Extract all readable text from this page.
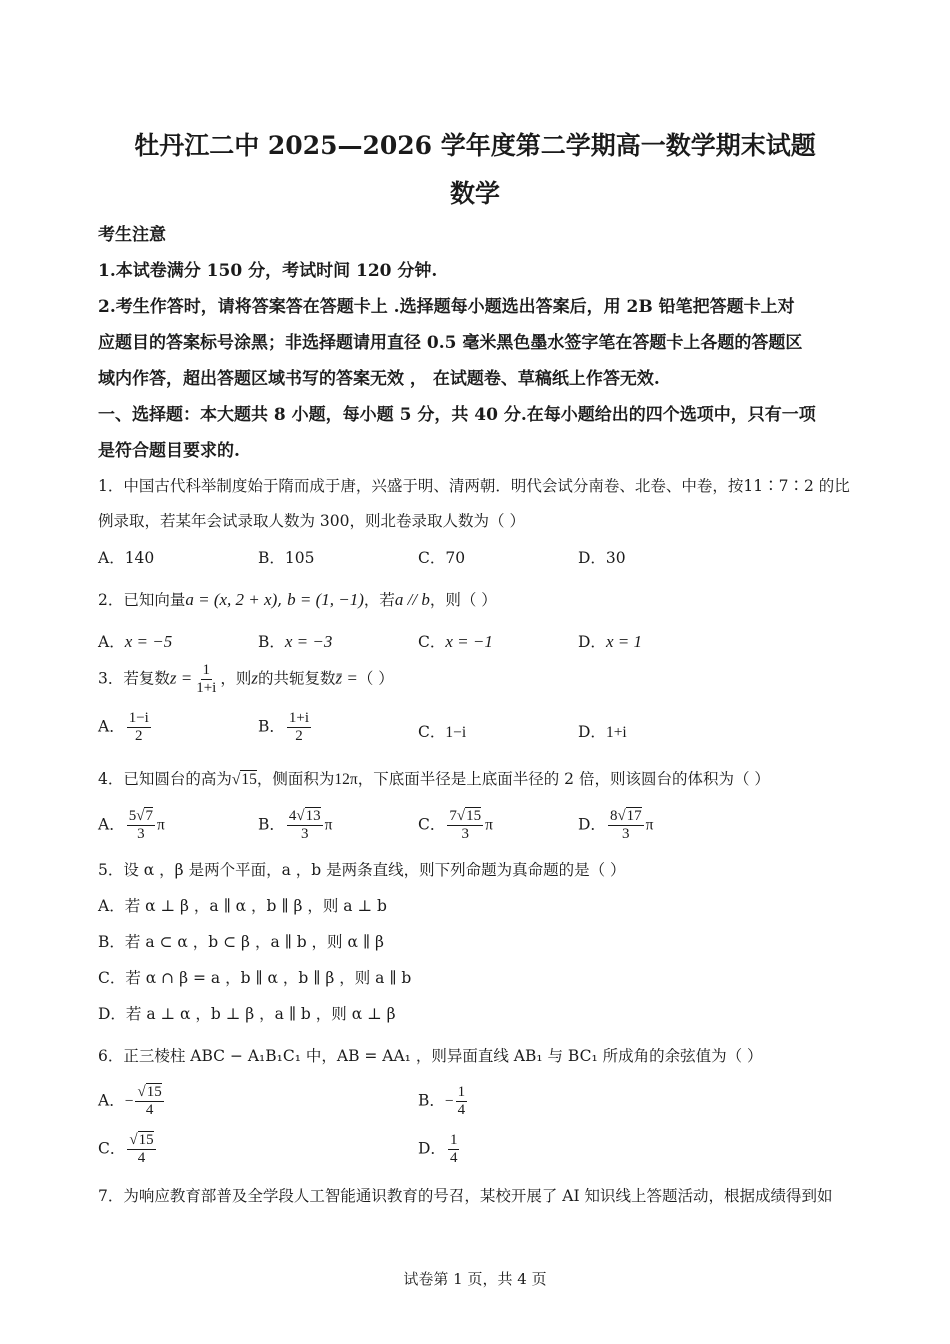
牡丹江二中 2025—2026 学年度第二学期高一数学期末试题
数学
考生注意
1.本试卷满分 150 分，考试时间 120 分钟.
2.考生作答时，请将答案答在答题卡上 .选择题每小题选出答案后，用 2B 铅笔把答题卡上对
应题目的答案标号涂黑；非选择题请用直径 0.5 毫米黑色墨水签字笔在答题卡上各题的答题区
域内作答，超出答题区域书写的答案无效 ， 在试题卷、草稿纸上作答无效.
一、选择题：本大题共 8 小题，每小题 5 分，共 40 分.在每小题给出的四个选项中，只有一项
是符合题目要求的.
1．中国古代科举制度始于隋而成于唐，兴盛于明、清两朝．明代会试分南卷、北卷、中卷，按11∶7∶2 的比
例录取，若某年会试录取人数为 300，则北卷录取人数为（ ）
A．140	B．105	C．70	D．30
2．已知向量a = (x, 2 + x), b = (1, −1)，若a // b，则（ ）
A．x = −5	B．x = −3	C．x = −1	D．x = 1
3．若复数$z = \frac{1}{1+i}$ ，则z的共轭复数z̄ =（ ）
A． $\frac{1-i}{2}$	B． $\frac{1+i}{2}$	C．1−i	D．1+i
4．已知圆台的高为√15，侧面积为12π，下底面半径是上底面半径的 2 倍，则该圆台的体积为（ ）
A． $\frac{5√7}{3}$ π	B． $\frac{4√13}{3}$ π	C． $\frac{7√15}{3}$ π	D． $\frac{8√17}{3}$ π
5．设 α ，β 是两个平面，a ，b 是两条直线，则下列命题为真命题的是（ ）
A．若 α ⊥ β ，a ∥ α ，b ∥ β ，则 a ⊥ b
B．若 a ⊂ α ，b ⊂ β ，a ∥ b ，则 α ∥ β
C．若 α ∩ β = a ，b ∥ α ，b ∥ β ，则 a ∥ b
D．若 a ⊥ α ，b ⊥ β ，a ∥ b ，则 α ⊥ β
6．正三棱柱 ABC − A₁B₁C₁ 中，AB = AA₁ ，则异面直线 AB₁ 与 BC₁ 所成角的余弦值为（ ）
A．− $\frac{√15}{4}$	B．− $\frac{1}{4}$
C． $\frac{√15}{4}$	D． $\frac{1}{4}$
7．为响应教育部普及全学段人工智能通识教育的号召，某校开展了 AI 知识线上答题活动，根据成绩得到如
试卷第 1 页，共 4 页
